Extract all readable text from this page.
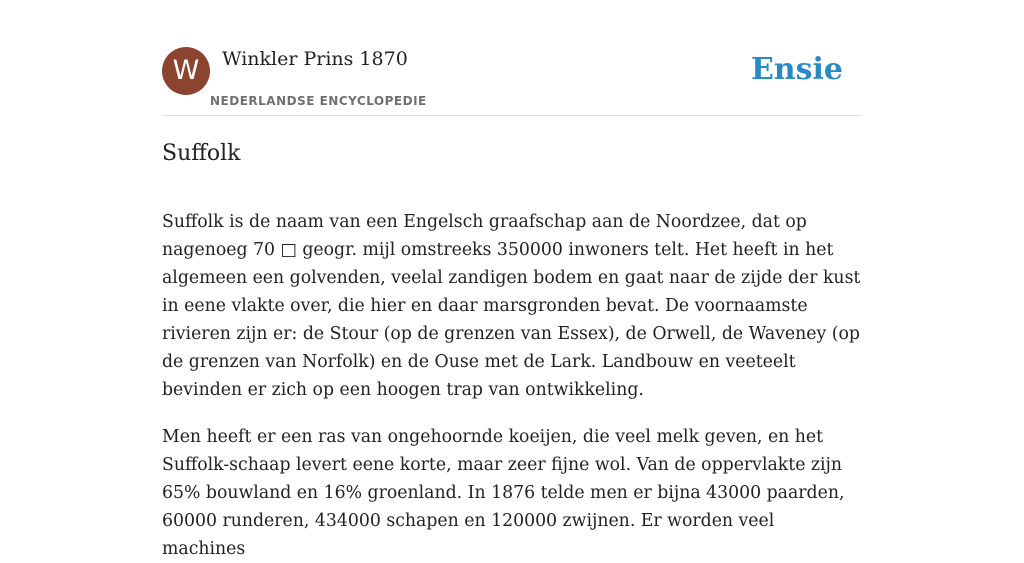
W	Winkler Prins 1870
NEDERLANDSE ENCYCLOPEDIE
Ensie
Suffolk

Suffolk is de naam van een Engelsch graafschap aan de Noordzee, dat op nagenoeg 70 □ geogr. mijl omstreeks 350000 inwoners telt. Het heeft in het algemeen een golvenden, veelal zandigen bodem en gaat naar de zijde der kust in eene vlakte over, die hier en daar marsgronden bevat. De voornaamste rivieren zijn er: de Stour (op de grenzen van Essex), de Orwell, de Waveney (op de grenzen van Norfolk) en de Ouse met de Lark. Landbouw en veeteelt bevinden er zich op een hoogen trap van ontwikkeling.

Men heeft er een ras van ongehoornde koeijen, die veel melk geven, en het Suffolk-schaap levert eene korte, maar zeer fijne wol. Van de oppervlakte zijn 65% bouwland en 16% groenland. In 1876 telde men er bijna 43000 paarden, 60000 runderen, 434000 schapen en 120000 zwijnen. Er worden veel machines
